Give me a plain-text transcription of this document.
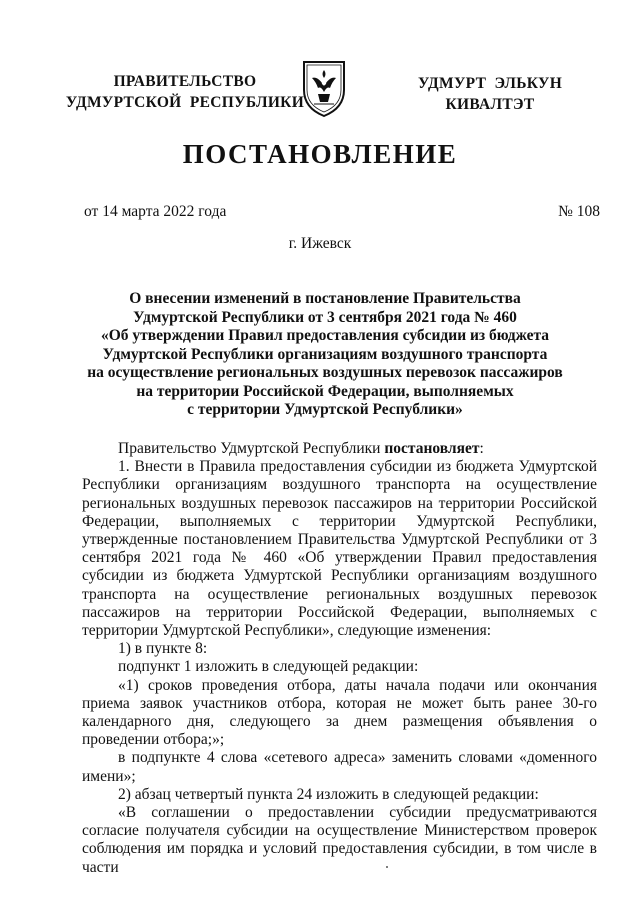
ПРАВИТЕЛЬСТВО
УДМУРТСКОЙ  РЕСПУБЛИКИ
УДМУРТ  ЭЛЬКУН
КИВАЛТЭТ
ПОСТАНОВЛЕНИЕ
от 14 марта 2022 года	№ 108
г. Ижевск
О внесении изменений в постановление Правительства
Удмуртской Республики от 3 сентября 2021 года № 460
«Об утверждении Правил предоставления субсидии из бюджета
Удмуртской Республики организациям воздушного транспорта
на осуществление региональных воздушных перевозок пассажиров
на территории Российской Федерации, выполняемых
с территории Удмуртской Республики»

Правительство Удмуртской Республики постановляет:

1. Внести в Правила предоставления субсидии из бюджета Удмуртской Республики организациям воздушного транспорта на осуществление региональных воздушных перевозок пассажиров на территории Российской Федерации, выполняемых с территории Удмуртской Республики, утвержденные постановлением Правительства Удмуртской Республики от 3 сентября 2021 года № 460 «Об утверждении Правил предоставления субсидии из бюджета Удмуртской Республики организациям воздушного транспорта на осуществление региональных воздушных перевозок пассажиров на территории Российской Федерации, выполняемых с территории Удмуртской Республики», следующие изменения:

1) в пункте 8:

подпункт 1 изложить в следующей редакции:

«1) сроков проведения отбора, даты начала подачи или окончания приема заявок участников отбора, которая не может быть ранее 30-го календарного дня, следующего за днем размещения объявления о проведении отбора;»;

в подпункте 4 слова «сетевого адреса» заменить словами «доменного имени»;

2) абзац четвертый пункта 24 изложить в следующей редакции:

«В соглашении о предоставлении субсидии предусматриваются согласие получателя субсидии на осуществление Министерством проверок соблюдения им порядка и условий предоставления субсидии, в том числе в части
